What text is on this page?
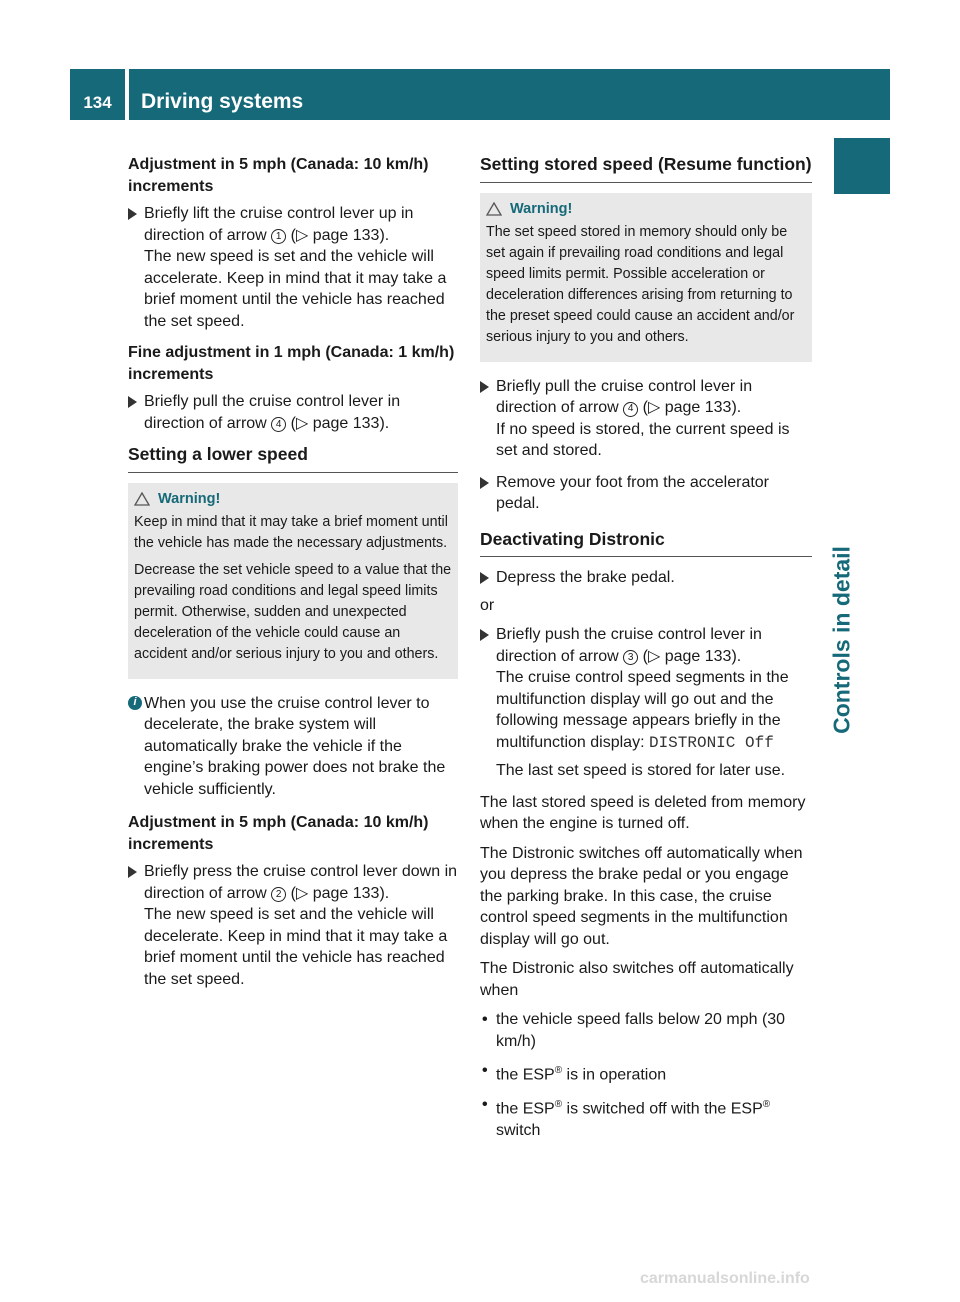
134	Driving systems
Controls in detail
Adjustment in 5 mph (Canada: 10 km/h) increments

Briefly lift the cruise control lever up in direction of arrow 1 (▷ page 133).

The new speed is set and the vehicle will accelerate. Keep in mind that it may take a brief moment until the vehicle has reached the set speed.

Fine adjustment in 1 mph (Canada: 1 km/h) increments

Briefly pull the cruise control lever in direction of arrow 4 (▷ page 133).

Setting a lower speed
Warning!

Keep in mind that it may take a brief moment until the vehicle has made the necessary adjustments.

Decrease the set vehicle speed to a value that the prevailing road conditions and legal speed limits permit. Otherwise, sudden and unexpected deceleration of the vehicle could cause an accident and/or serious injury to you and others.

i When you use the cruise control lever to decelerate, the brake system will automatically brake the vehicle if the engine’s braking power does not brake the vehicle sufficiently.
Adjustment in 5 mph (Canada: 10 km/h) increments

Briefly press the cruise control lever down in direction of arrow 2 (▷ page 133).

The new speed is set and the vehicle will decelerate. Keep in mind that it may take a brief moment until the vehicle has reached the set speed.

Setting stored speed (Resume function)
Warning!

The set speed stored in memory should only be set again if prevailing road conditions and legal speed limits permit. Possible acceleration or deceleration differences arising from returning to the preset speed could cause an accident and/or serious injury to you and others.

Briefly pull the cruise control lever in direction of arrow 4 (▷ page 133).

If no speed is stored, the current speed is set and stored.

Remove your foot from the accelerator pedal.

Deactivating Distronic

Depress the brake pedal.

or

Briefly push the cruise control lever in direction of arrow 3 (▷ page 133).

The cruise control speed segments in the multifunction display will go out and the following message appears briefly in the multifunction display: DISTRONIC Off

The last set speed is stored for later use.

The last stored speed is deleted from memory when the engine is turned off.

The Distronic switches off automatically when you depress the brake pedal or you engage the parking brake. In this case, the cruise control speed segments in the multifunction display will go out.

The Distronic also switches off automatically when

• the vehicle speed falls below 20 mph (30 km/h)
• the ESP® is in operation
• the ESP® is switched off with the ESP® switch
carmanualsonline.info
